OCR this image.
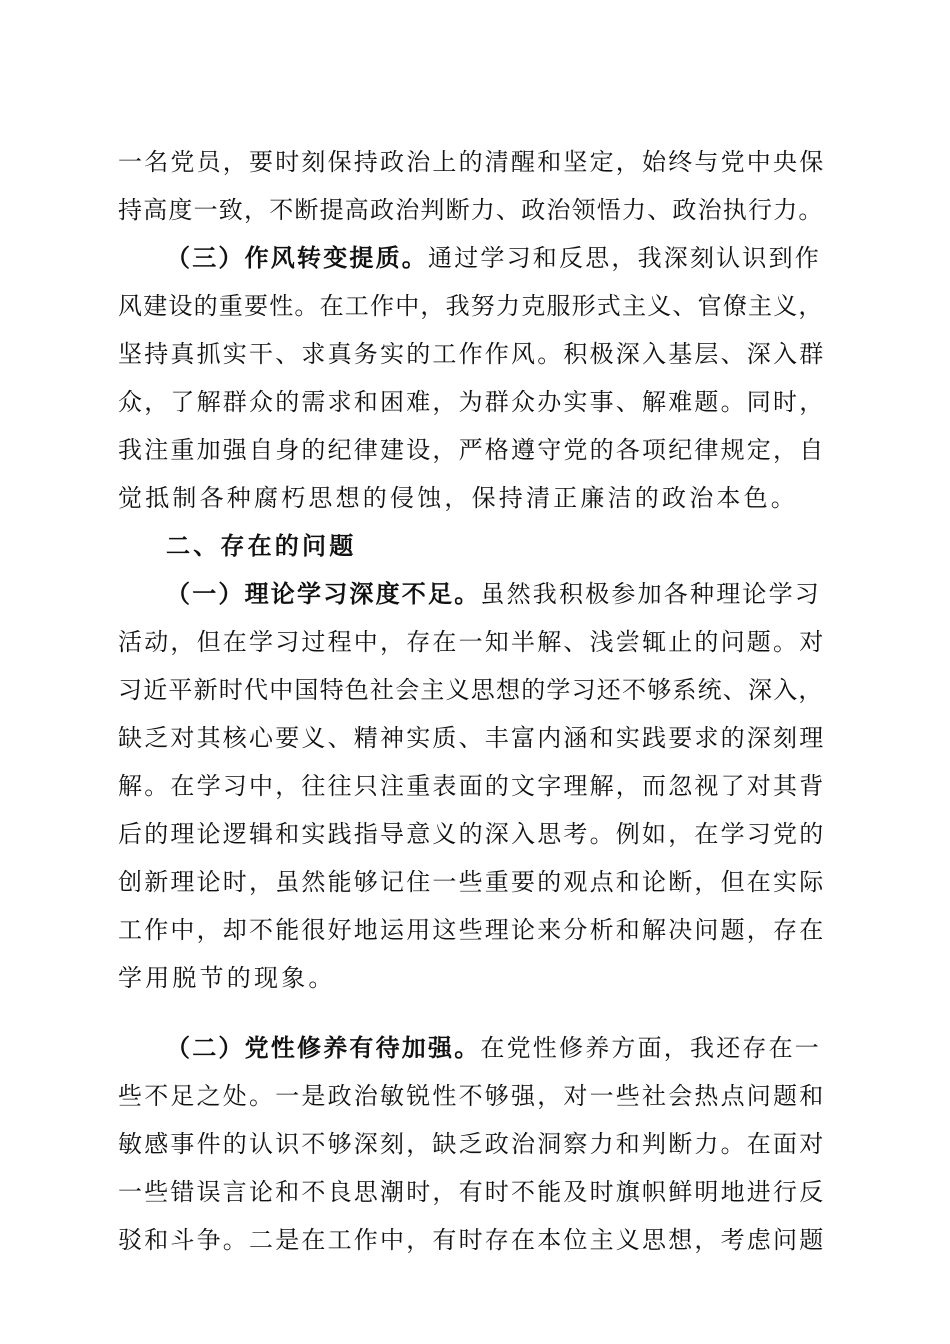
一名党员，要时刻保持政治上的清醒和坚定，始终与党中央保
持高度一致，不断提高政治判断力、政治领悟力、政治执行力。
（三）作风转变提质。通过学习和反思，我深刻认识到作
风建设的重要性。在工作中，我努力克服形式主义、官僚主义，
坚持真抓实干、求真务实的工作作风。积极深入基层、深入群
众，了解群众的需求和困难，为群众办实事、解难题。同时，
我注重加强自身的纪律建设，严格遵守党的各项纪律规定，自
觉抵制各种腐朽思想的侵蚀，保持清正廉洁的政治本色。
二、存在的问题
（一）理论学习深度不足。虽然我积极参加各种理论学习
活动，但在学习过程中，存在一知半解、浅尝辄止的问题。对
习近平新时代中国特色社会主义思想的学习还不够系统、深入，
缺乏对其核心要义、精神实质、丰富内涵和实践要求的深刻理
解。在学习中，往往只注重表面的文字理解，而忽视了对其背
后的理论逻辑和实践指导意义的深入思考。例如，在学习党的
创新理论时，虽然能够记住一些重要的观点和论断，但在实际
工作中，却不能很好地运用这些理论来分析和解决问题，存在
学用脱节的现象。
（二）党性修养有待加强。在党性修养方面，我还存在一
些不足之处。一是政治敏锐性不够强，对一些社会热点问题和
敏感事件的认识不够深刻，缺乏政治洞察力和判断力。在面对
一些错误言论和不良思潮时，有时不能及时旗帜鲜明地进行反
驳和斗争。二是在工作中，有时存在本位主义思想，考虑问题
